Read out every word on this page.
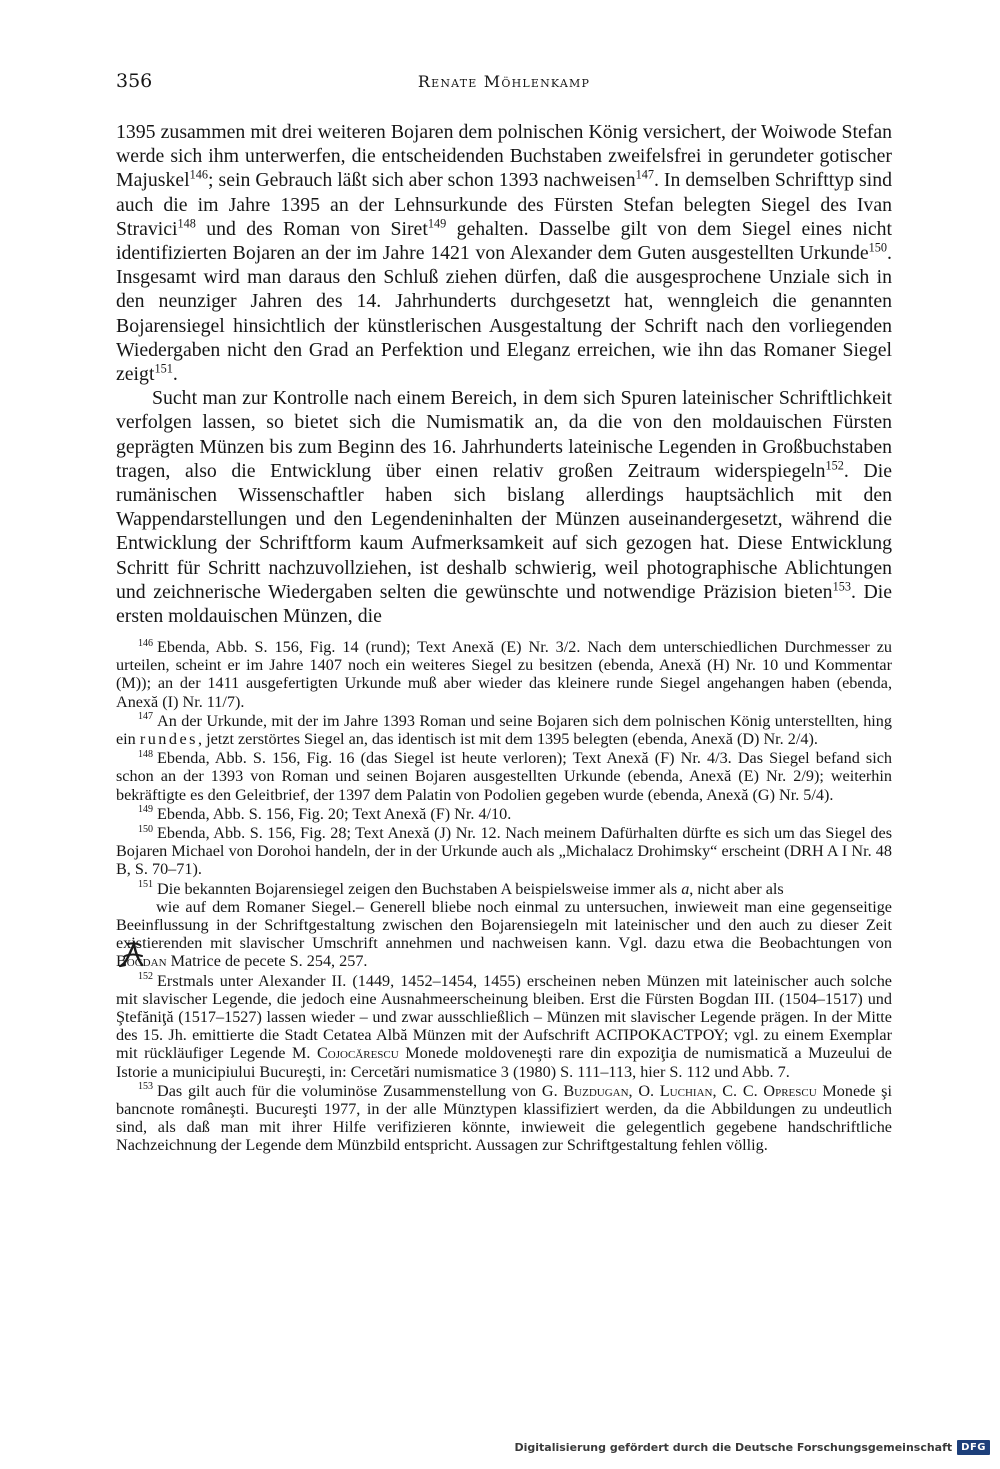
356	Renate Möhlenkamp

1395 zusammen mit drei weiteren Bojaren dem polnischen König versichert, der Woiwode Stefan werde sich ihm unterwerfen, die entscheidenden Buchstaben zweifelsfrei in gerundeter gotischer Majuskel$^{146}$; sein Gebrauch läßt sich aber schon 1393 nachweisen$^{147}$. In demselben Schrifttyp sind auch die im Jahre 1395 an der Lehnsurkunde des Fürsten Stefan belegten Siegel des Ivan Stravici$^{148}$ und des Roman von Siret$^{149}$ gehalten. Dasselbe gilt von dem Siegel eines nicht identifizierten Bojaren an der im Jahre 1421 von Alexander dem Guten ausgestellten Urkunde$^{150}$. Insgesamt wird man daraus den Schluß ziehen dürfen, daß die ausgesprochene Unziale sich in den neunziger Jahren des 14. Jahrhunderts durchgesetzt hat, wenngleich die genannten Bojarensiegel hinsichtlich der künstlerischen Ausgestaltung der Schrift nach den vorliegenden Wiedergaben nicht den Grad an Perfektion und Eleganz erreichen, wie ihn das Romaner Siegel zeigt$^{151}$.

Sucht man zur Kontrolle nach einem Bereich, in dem sich Spuren lateinischer Schriftlichkeit verfolgen lassen, so bietet sich die Numismatik an, da die von den moldauischen Fürsten geprägten Münzen bis zum Beginn des 16. Jahrhunderts lateinische Legenden in Großbuchstaben tragen, also die Entwicklung über einen relativ großen Zeitraum widerspiegeln$^{152}$. Die rumänischen Wissenschaftler haben sich bislang allerdings hauptsächlich mit den Wappendarstellungen und den Legendeninhalten der Münzen auseinandergesetzt, während die Entwicklung der Schriftform kaum Aufmerksamkeit auf sich gezogen hat. Diese Entwicklung Schritt für Schritt nachzuvollziehen, ist deshalb schwierig, weil photographische Ablichtungen und zeichnerische Wiedergaben selten die gewünschte und notwendige Präzision bieten$^{153}$. Die ersten moldauischen Münzen, die

$^{146}$ Ebenda, Abb. S. 156, Fig. 14 (rund); Text Anexă (E) Nr. 3/2. Nach dem unterschiedlichen Durchmesser zu urteilen, scheint er im Jahre 1407 noch ein weiteres Siegel zu besitzen (ebenda, Anexă (H) Nr. 10 und Kommentar (M)); an der 1411 ausgefertigten Urkunde muß aber wieder das kleinere runde Siegel angehangen haben (ebenda, Anexă (I) Nr. 11/7).

$^{147}$ An der Urkunde, mit der im Jahre 1393 Roman und seine Bojaren sich dem polnischen König unterstellten, hing ein rundes, jetzt zerstörtes Siegel an, das identisch ist mit dem 1395 belegten (ebenda, Anexă (D) Nr. 2/4).

$^{148}$ Ebenda, Abb. S. 156, Fig. 16 (das Siegel ist heute verloren); Text Anexă (F) Nr. 4/3. Das Siegel befand sich schon an der 1393 von Roman und seinen Bojaren ausgestellten Urkunde (ebenda, Anexă (E) Nr. 2/9); weiterhin bekräftigte es den Geleitbrief, der 1397 dem Palatin von Podolien gegeben wurde (ebenda, Anexă (G) Nr. 5/4).

$^{149}$ Ebenda, Abb. S. 156, Fig. 20; Text Anexă (F) Nr. 4/10.

$^{150}$ Ebenda, Abb. S. 156, Fig. 28; Text Anexă (J) Nr. 12. Nach meinem Dafürhalten dürfte es sich um das Siegel des Bojaren Michael von Dorohoi handeln, der in der Urkunde auch als „Michalacz Drohimsky“ erscheint (DRH A I Nr. 48 B, S. 70–71).

$^{151}$ Die bekannten Bojarensiegel zeigen den Buchstaben A beispielsweise immer als a, nicht aber als
wie auf dem Romaner Siegel.– Generell bliebe noch einmal zu untersuchen, inwieweit man eine gegenseitige Beeinflussung in der Schriftgestaltung zwischen den Bojarensiegeln mit lateinischer und den auch zu dieser Zeit existierenden mit slavischer Umschrift annehmen und nachweisen kann. Vgl. dazu etwa die Beobachtungen von Bogdan Matrice de pecete S. 254, 257.

$^{152}$ Erstmals unter Alexander II. (1449, 1452–1454, 1455) erscheinen neben Münzen mit lateinischer auch solche mit slavischer Legende, die jedoch eine Ausnahmeerscheinung bleiben. Erst die Fürsten Bogdan III. (1504–1517) und Ştefăniţă (1517–1527) lassen wieder – und zwar ausschließlich – Münzen mit slavischer Legende prägen. In der Mitte des 15. Jh. emittierte die Stadt Cetatea Albă Münzen mit der Aufschrift ΑСΠΡΟΚΑСΤΡΟΥ; vgl. zu einem Exemplar mit rückläufiger Legende M. Cojocărescu Monede moldoveneşti rare din expoziţia de numismatică a Muzeului de Istorie a municipiului Bucureşti, in: Cercetări numismatice 3 (1980) S. 111–113, hier S. 112 und Abb. 7.

$^{153}$ Das gilt auch für die voluminöse Zusammenstellung von G. Buzdugan, O. Luchian, C. C. Oprescu Monede şi bancnote româneşti. Bucureşti 1977, in der alle Münztypen klassifiziert werden, da die Abbildungen zu undeutlich sind, als daß man mit ihrer Hilfe verifizieren könnte, inwieweit die gelegentlich gegebene handschriftliche Nachzeichnung der Legende dem Münzbild entspricht. Aussagen zur Schriftgestaltung fehlen völlig.

Digitalisierung gefördert durch die Deutsche Forschungsgemeinschaft DFG
